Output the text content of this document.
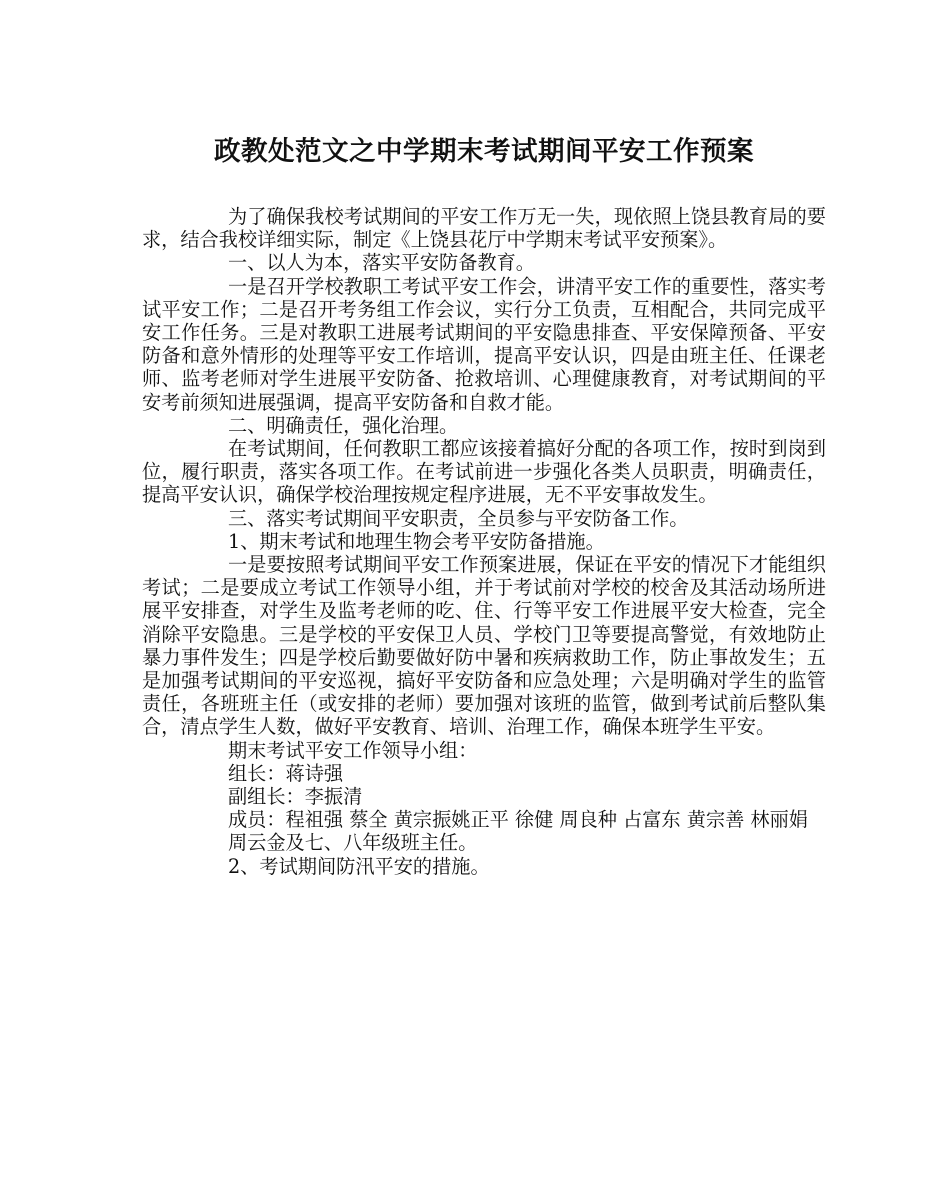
政教处范文之中学期末考试期间平安工作预案

为了确保我校考试期间的平安工作万无一失，现依照上饶县教育局的要求，结合我校详细实际，制定《上饶县花厅中学期末考试平安预案》。

一、以人为本，落实平安防备教育。

一是召开学校教职工考试平安工作会，讲清平安工作的重要性，落实考试平安工作；二是召开考务组工作会议，实行分工负责，互相配合，共同完成平安工作任务。三是对教职工进展考试期间的平安隐患排查、平安保障预备、平安防备和意外情形的处理等平安工作培训，提高平安认识，四是由班主任、任课老师、监考老师对学生进展平安防备、抢救培训、心理健康教育，对考试期间的平安考前须知进展强调，提高平安防备和自救才能。

二、明确责任，强化治理。

在考试期间，任何教职工都应该接着搞好分配的各项工作，按时到岗到位，履行职责，落实各项工作。在考试前进一步强化各类人员职责，明确责任，提高平安认识，确保学校治理按规定程序进展，无不平安事故发生。

三、落实考试期间平安职责，全员参与平安防备工作。

1、期末考试和地理生物会考平安防备措施。

一是要按照考试期间平安工作预案进展，保证在平安的情况下才能组织考试；二是要成立考试工作领导小组，并于考试前对学校的校舍及其活动场所进展平安排查，对学生及监考老师的吃、住、行等平安工作进展平安大检查，完全消除平安隐患。三是学校的平安保卫人员、学校门卫等要提高警觉，有效地防止暴力事件发生；四是学校后勤要做好防中暑和疾病救助工作，防止事故发生；五是加强考试期间的平安巡视，搞好平安防备和应急处理；六是明确对学生的监管责任，各班班主任（或安排的老师）要加强对该班的监管，做到考试前后整队集合，清点学生人数，做好平安教育、培训、治理工作，确保本班学生平安。

期末考试平安工作领导小组：

组长：蒋诗强

副组长：李振清

成员：程祖强 蔡全 黄宗振姚正平 徐健 周良种 占富东 黄宗善 林丽娟

周云金及七、八年级班主任。

2、考试期间防汛平安的措施。
